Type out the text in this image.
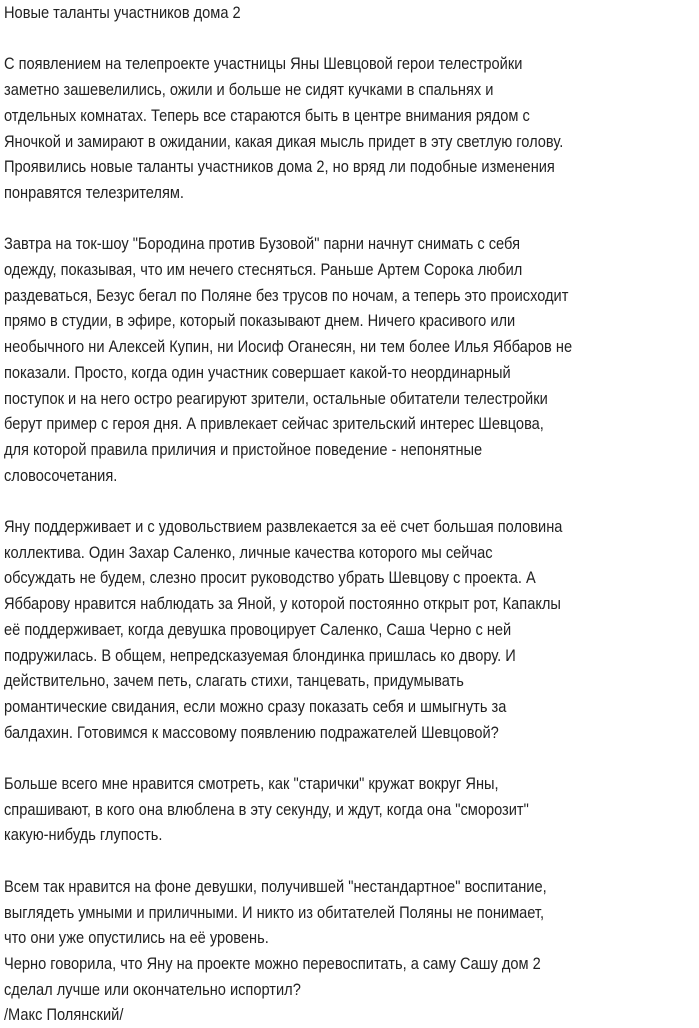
Новые таланты участников дома 2

С появлением на телепроекте участницы Яны Шевцовой герои телестройки
заметно зашевелились, ожили и больше не сидят кучками в спальнях и
отдельных комнатах. Теперь все стараются быть в центре внимания рядом с
Яночкой и замирают в ожидании, какая дикая мысль придет в эту светлую голову.
Проявились новые таланты участников дома 2, но вряд ли подобные изменения
понравятся телезрителям.

Завтра на ток-шоу "Бородина против Бузовой" парни начнут снимать с себя
одежду, показывая, что им нечего стесняться. Раньше Артем Сорока любил
раздеваться, Безус бегал по Поляне без трусов по ночам, а теперь это происходит
прямо в студии, в эфире, который показывают днем. Ничего красивого или
необычного ни Алексей Купин, ни Иосиф Оганесян, ни тем более Илья Яббаров не
показали. Просто, когда один участник совершает какой-то неординарный
поступок и на него остро реагируют зрители, остальные обитатели телестройки
берут пример с героя дня. А привлекает сейчас зрительский интерес Шевцова,
для которой правила приличия и пристойное поведение - непонятные
словосочетания.

Яну поддерживает и с удовольствием развлекается за её счет большая половина
коллектива. Один Захар Саленко, личные качества которого мы сейчас
обсуждать не будем, слезно просит руководство убрать Шевцову с проекта. А
Яббарову нравится наблюдать за Яной, у которой постоянно открыт рот, Капаклы
её поддерживает, когда девушка провоцирует Саленко, Саша Черно с ней
подружилась. В общем, непредсказуемая блондинка пришлась ко двору. И
действительно, зачем петь, слагать стихи, танцевать, придумывать
романтические свидания, если можно сразу показать себя и шмыгнуть за
балдахин. Готовимся к массовому появлению подражателей Шевцовой?

Больше всего мне нравится смотреть, как "старички" кружат вокруг Яны,
спрашивают, в кого она влюблена в эту секунду, и ждут, когда она "сморозит"
какую-нибудь глупость.

Всем так нравится на фоне девушки, получившей "нестандартное" воспитание,
выглядеть умными и приличными. И никто из обитателей Поляны не понимает,
что они уже опустились на её уровень.
Черно говорила, что Яну на проекте можно перевоспитать, а саму Сашу дом 2
сделал лучше или окончательно испортил?
/Макс Полянский/
